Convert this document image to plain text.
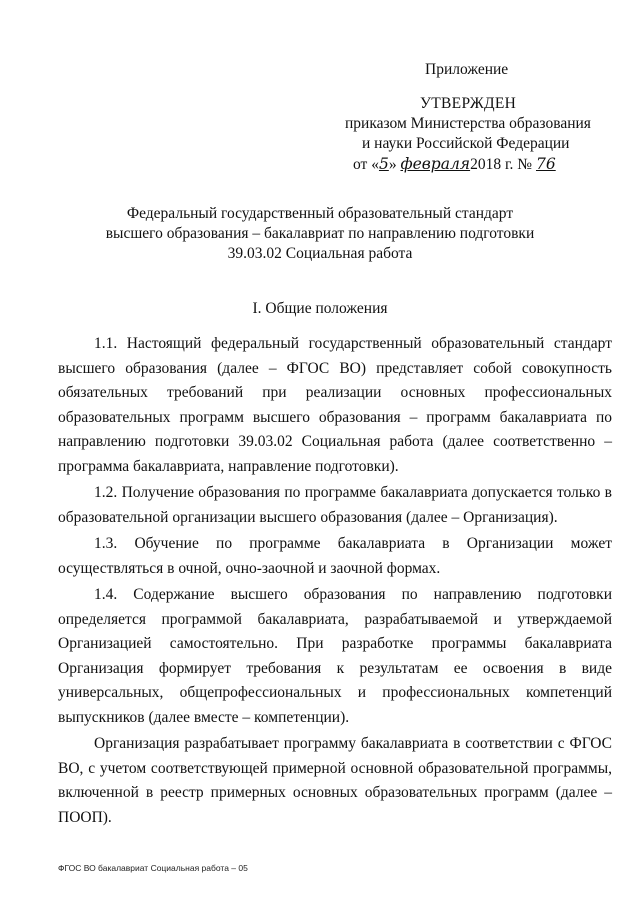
Приложение
УТВЕРЖДЕН
приказом Министерства образования
и науки Российской Федерации
от «5» февраля2018 г. № 76
Федеральный государственный образовательный стандарт
высшего образования – бакалавриат по направлению подготовки
39.03.02 Социальная работа
I. Общие положения

1.1. Настоящий федеральный государственный образовательный стандарт высшего образования (далее – ФГОС ВО) представляет собой совокупность обязательных требований при реализации основных профессиональных образовательных программ высшего образования – программ бакалавриата по направлению подготовки 39.03.02 Социальная работа (далее соответственно – программа бакалавриата, направление подготовки).

1.2. Получение образования по программе бакалавриата допускается только в образовательной организации высшего образования (далее – Организация).

1.3. Обучение по программе бакалавриата в Организации может осуществляться в очной, очно-заочной и заочной формах.

1.4. Содержание высшего образования по направлению подготовки определяется программой бакалавриата, разрабатываемой и утверждаемой Организацией самостоятельно. При разработке программы бакалавриата Организация формирует требования к результатам ее освоения в виде универсальных, общепрофессиональных и профессиональных компетенций выпускников (далее вместе – компетенции).

Организация разрабатывает программу бакалавриата в соответствии с ФГОС ВО, с учетом соответствующей примерной основной образовательной программы, включенной в реестр примерных основных образовательных программ (далее – ПООП).

ФГОС ВО бакалавриат Социальная работа – 05
